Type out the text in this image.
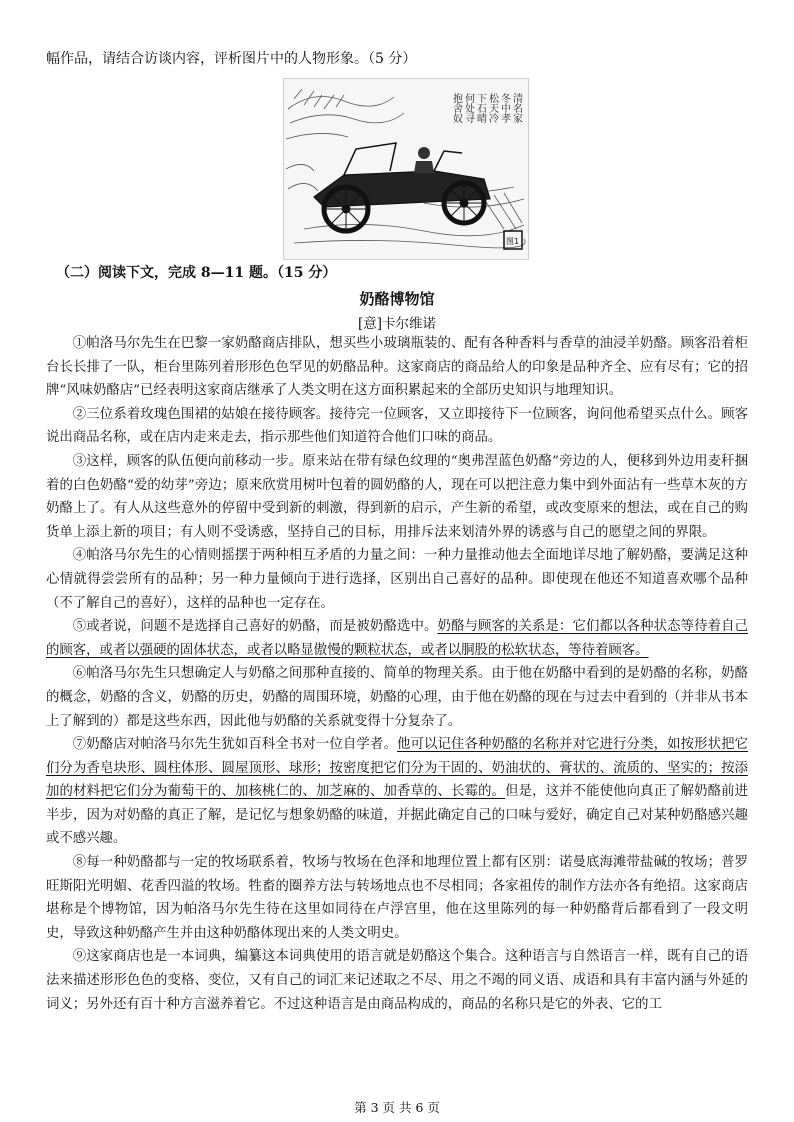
幅作品，请结合访谈内容，评析图片中的人物形象。（5 分）
清名家
冬中孝
松天冷
下石晴
何处寻
抱舍奴
图1
（二）阅读下文，完成 8—11 题。（15 分）
奶酪博物馆
[意]卡尔维诺

①帕洛马尔先生在巴黎一家奶酪商店排队，想买些小玻璃瓶装的、配有各种香料与香草的油浸羊奶酪。顾客沿着柜台长长排了一队，柜台里陈列着形形色色罕见的奶酪品种。这家商店的商品给人的印象是品种齐全、应有尽有；它的招牌“风味奶酪店”已经表明这家商店继承了人类文明在这方面积累起来的全部历史知识与地理知识。

②三位系着玫瑰色围裙的姑娘在接待顾客。接待完一位顾客，又立即接待下一位顾客，询问他希望买点什么。顾客说出商品名称，或在店内走来走去，指示那些他们知道符合他们口味的商品。

③这样，顾客的队伍便向前移动一步。原来站在带有绿色纹理的“奥弗涅蓝色奶酪”旁边的人，便移到外边用麦秆捆着的白色奶酪“爱的幼芽”旁边；原来欣赏用树叶包着的圆奶酪的人，现在可以把注意力集中到外面沾有一些草木灰的方奶酪上了。有人从这些意外的停留中受到新的刺激，得到新的启示，产生新的希望，或改变原来的想法，或在自己的购货单上添上新的项目；有人则不受诱惑，坚持自己的目标，用排斥法来划清外界的诱惑与自己的愿望之间的界限。

④帕洛马尔先生的心情则摇摆于两种相互矛盾的力量之间：一种力量推动他去全面地详尽地了解奶酪，要满足这种心情就得尝尝所有的品种；另一种力量倾向于进行选择，区别出自己喜好的品种。即使现在他还不知道喜欢哪个品种（不了解自己的喜好），这样的品种也一定存在。

⑤或者说，问题不是选择自己喜好的奶酪，而是被奶酪选中。奶酪与顾客的关系是：它们都以各种状态等待着自己的顾客，或者以强硬的固体状态，或者以略显傲慢的颗粒状态，或者以胴股的松软状态，等待着顾客。

⑥帕洛马尔先生只想确定人与奶酪之间那种直接的、简单的物理关系。由于他在奶酪中看到的是奶酪的名称，奶酪的概念，奶酪的含义，奶酪的历史，奶酪的周围环境，奶酪的心理，由于他在奶酪的现在与过去中看到的（并非从书本上了解到的）都是这些东西，因此他与奶酪的关系就变得十分复杂了。

⑦奶酪店对帕洛马尔先生犹如百科全书对一位自学者。他可以记住各种奶酪的名称并对它进行分类，如按形状把它们分为香皂块形、圆柱体形、圆屋顶形、球形；按密度把它们分为干固的、奶油状的、膏状的、流质的、坚实的；按添加的材料把它们分为葡萄干的、加核桃仁的、加芝麻的、加香草的、长霉的。但是，这并不能使他向真正了解奶酪前进半步，因为对奶酪的真正了解，是记忆与想象奶酪的味道，并据此确定自己的口味与爱好，确定自己对某种奶酪感兴趣或不感兴趣。

⑧每一种奶酪都与一定的牧场联系着，牧场与牧场在色泽和地理位置上都有区别：诺曼底海滩带盐碱的牧场；普罗旺斯阳光明媚、花香四溢的牧场。牲畜的圈养方法与转场地点也不尽相同；各家祖传的制作方法亦各有绝招。这家商店堪称是个博物馆，因为帕洛马尔先生待在这里如同待在卢浮宫里，他在这里陈列的每一种奶酪背后都看到了一段文明史，导致这种奶酪产生并由这种奶酪体现出来的人类文明史。

⑨这家商店也是一本词典，编纂这本词典使用的语言就是奶酪这个集合。这种语言与自然语言一样，既有自己的语法来描述形形色色的变格、变位，又有自己的词汇来记述取之不尽、用之不竭的同义语、成语和具有丰富内涵与外延的词义；另外还有百十种方言滋养着它。不过这种语言是由商品构成的，商品的名称只是它的外表、它的工

第 3 页 共 6 页
